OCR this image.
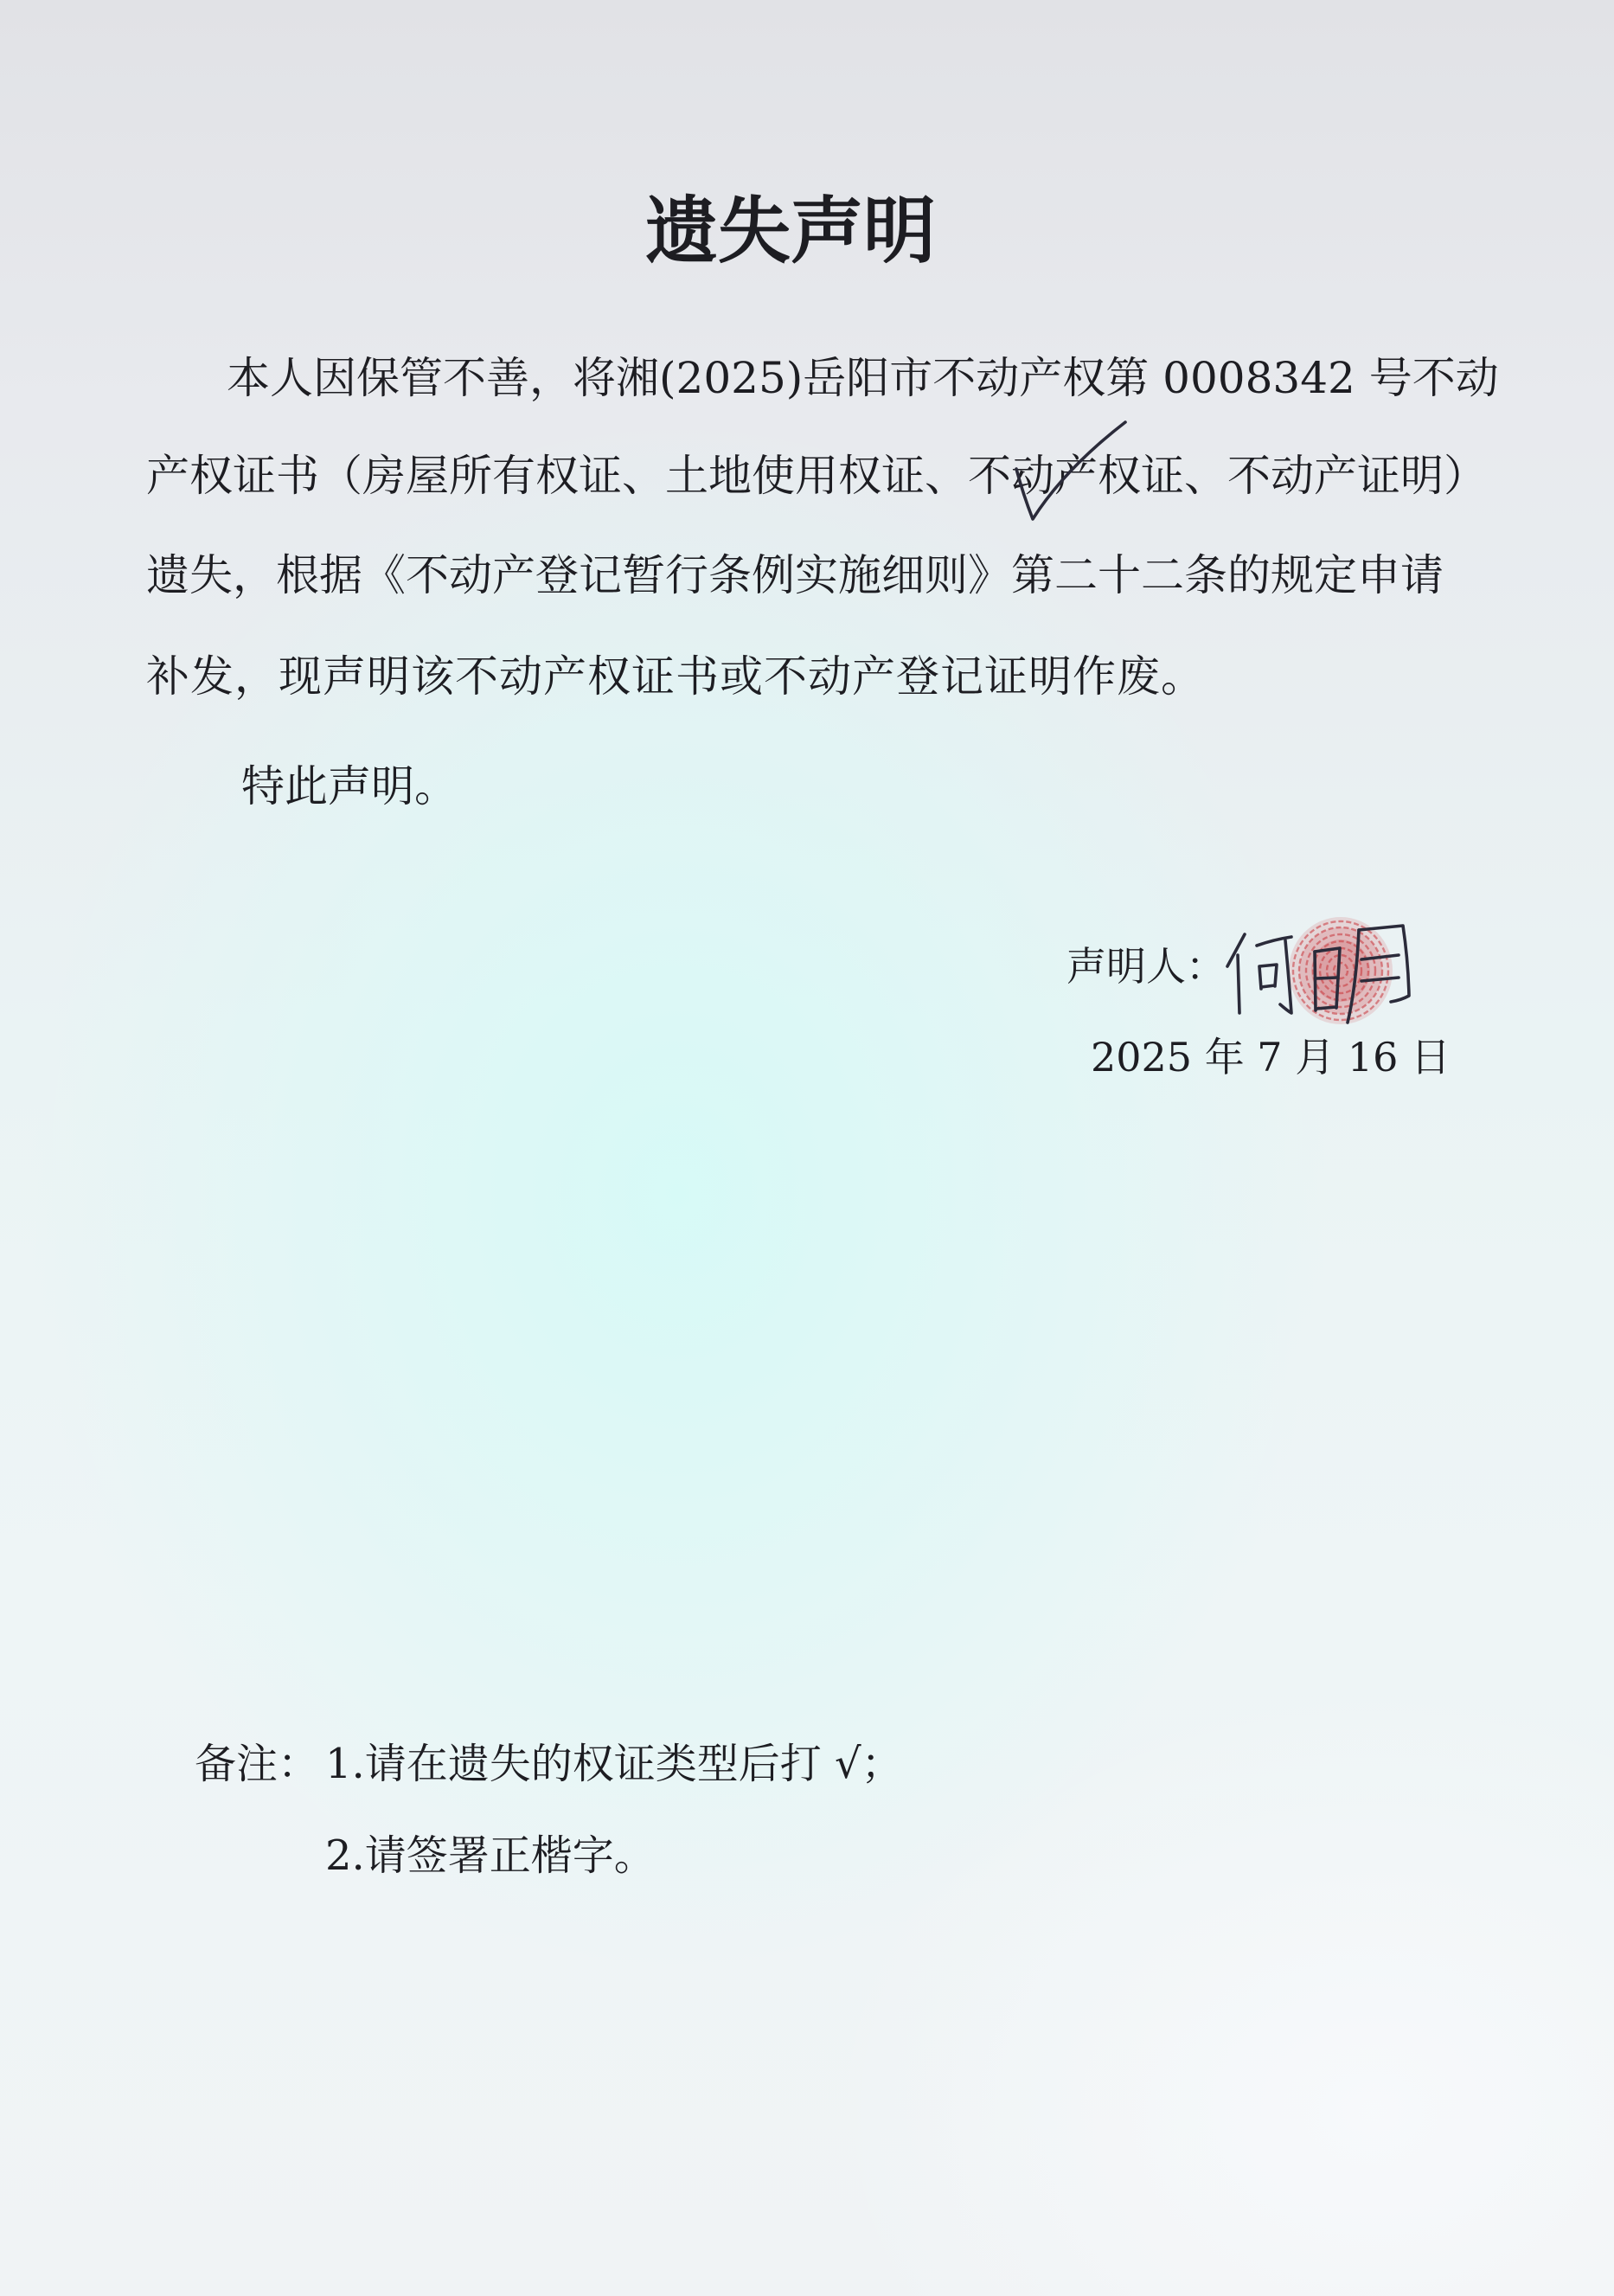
遗失声明
本人因保管不善，将湘(2025)岳阳市不动产权第 0008342 号不动
产权证书（房屋所有权证、土地使用权证、不动产权证
、不动产证明）
遗失，根据《不动产登记暂行条例实施细则》第二十二条的规定申请
补发，现声明该不动产权证书或不动产登记证明作废。
特此声明。
声明人：
2025 年 7 月 16 日
备注： 1.请在遗失的权证类型后打 √；
2.请签署正楷字。
